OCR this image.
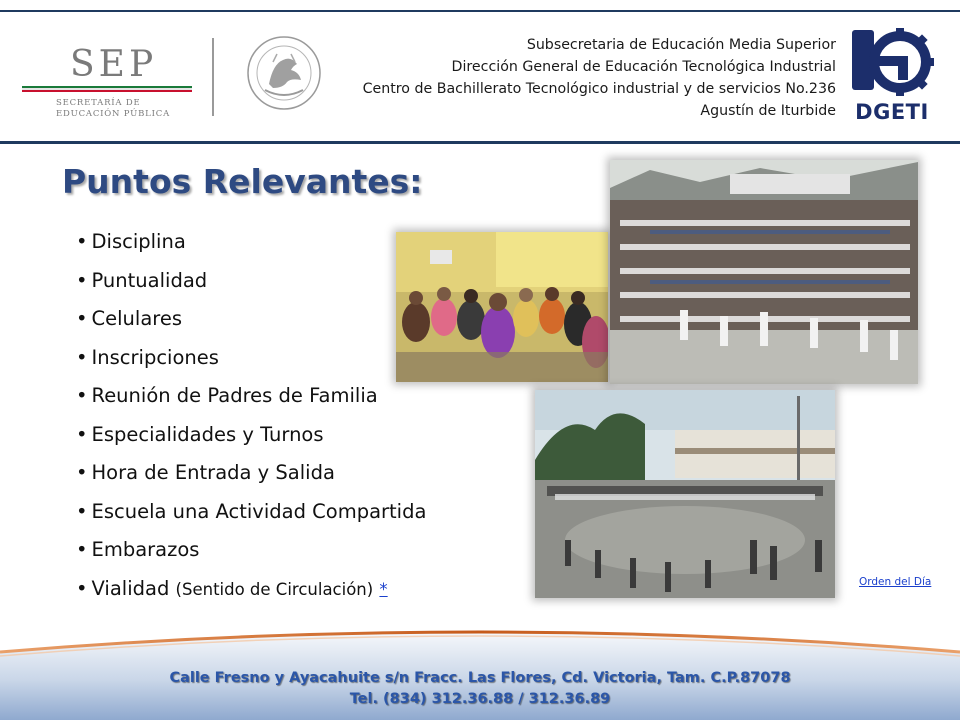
SEP
SECRETARÍA DE
EDUCACIÓN PÚBLICA
Subsecretaria de Educación Media Superior
Dirección General de Educación Tecnológica Industrial
Centro de Bachillerato Tecnológico industrial y de servicios No.236
Agustín de Iturbide DGETI
Puntos Relevantes:
• Disciplina
• Puntualidad
• Celulares
• Inscripciones
• Reunión de Padres de Familia
• Especialidades y Turnos
• Hora de Entrada y Salida
• Escuela una Actividad Compartida
• Embarazos
• Vialidad (Sentido de Circulación) *	Orden del Día
Calle Fresno y Ayacahuite s/n Fracc. Las Flores, Cd. Victoria, Tam. C.P.87078
Tel. (834) 312.36.88 / 312.36.89
